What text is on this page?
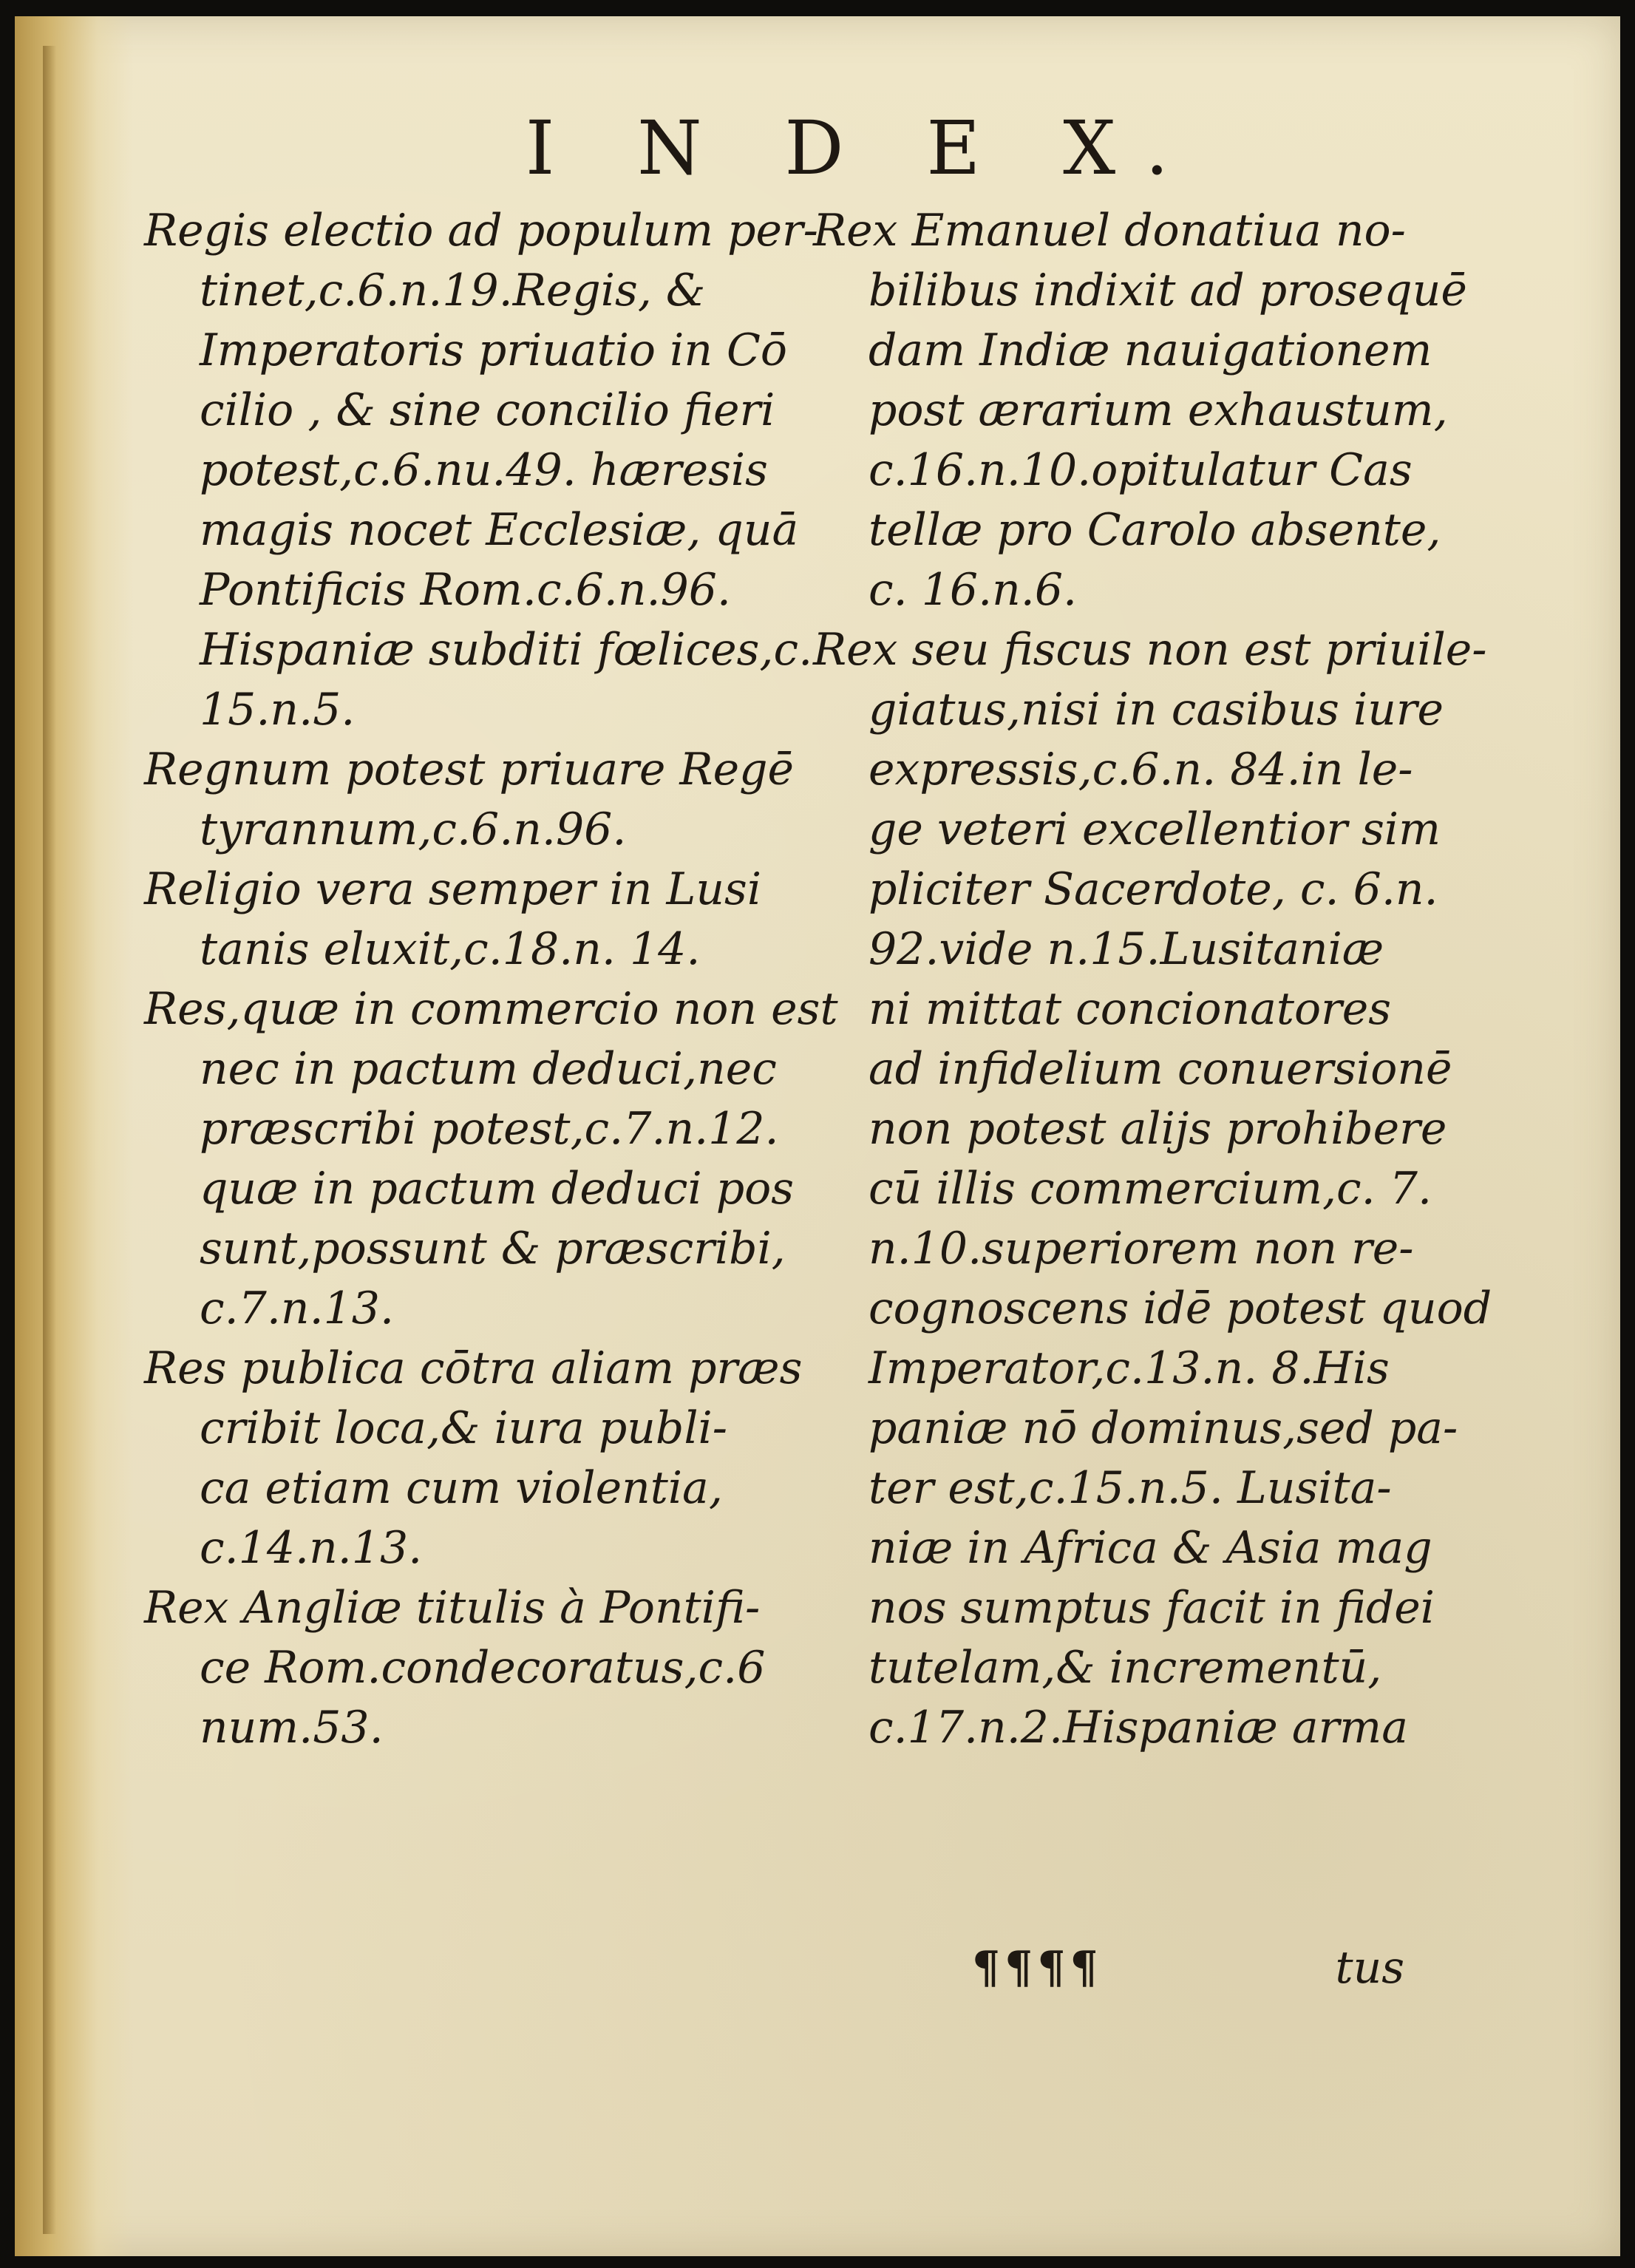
I N D E X.
Regis electio ad populum per-
tinet,c.6.n.19.Regis, &
Imperatoris priuatio in Cō
cilio , & sine concilio fieri
potest,c.6.nu.49. hæresis
magis nocet Ecclesiæ, quā
Pontificis Rom.c.6.n.96.
Hispaniæ subditi fœlices,c.
15.n.5.
Regnum potest priuare Regē
tyrannum,c.6.n.96.
Religio vera semper in Lusi
tanis eluxit,c.18.n. 14.
Res,quæ in commercio non est
nec in pactum deduci,nec
præscribi potest,c.7.n.12.
quæ in pactum deduci pos
sunt,possunt & præscribi,
c.7.n.13.
Res publica cōtra aliam præs
cribit loca,& iura publi-
ca etiam cum violentia,
c.14.n.13.
Rex Angliæ titulis à Pontifi-
ce Rom.condecoratus,c.6
num.53.
Rex Emanuel donatiua no-
bilibus indixit ad prosequē
dam Indiæ nauigationem
post ærarium exhaustum,
c.16.n.10.opitulatur Cas
tellæ pro Carolo absente,
c. 16.n.6.
Rex seu fiscus non est priuile-
giatus,nisi in casibus iure
expressis,c.6.n. 84.in le-
ge veteri excellentior sim
pliciter Sacerdote, c. 6.n.
92.vide n.15.Lusitaniæ
ni mittat concionatores
ad infidelium conuersionē
non potest alijs prohibere
cū illis commercium,c. 7.
n.10.superiorem non re-
cognoscens idē potest quod
Imperator,c.13.n. 8.His
paniæ nō dominus,sed pa-
ter est,c.15.n.5. Lusita-
niæ in Africa & Asia mag
nos sumptus facit in fidei
tutelam,& incrementū,
c.17.n.2.Hispaniæ arma
¶¶¶¶	tus
